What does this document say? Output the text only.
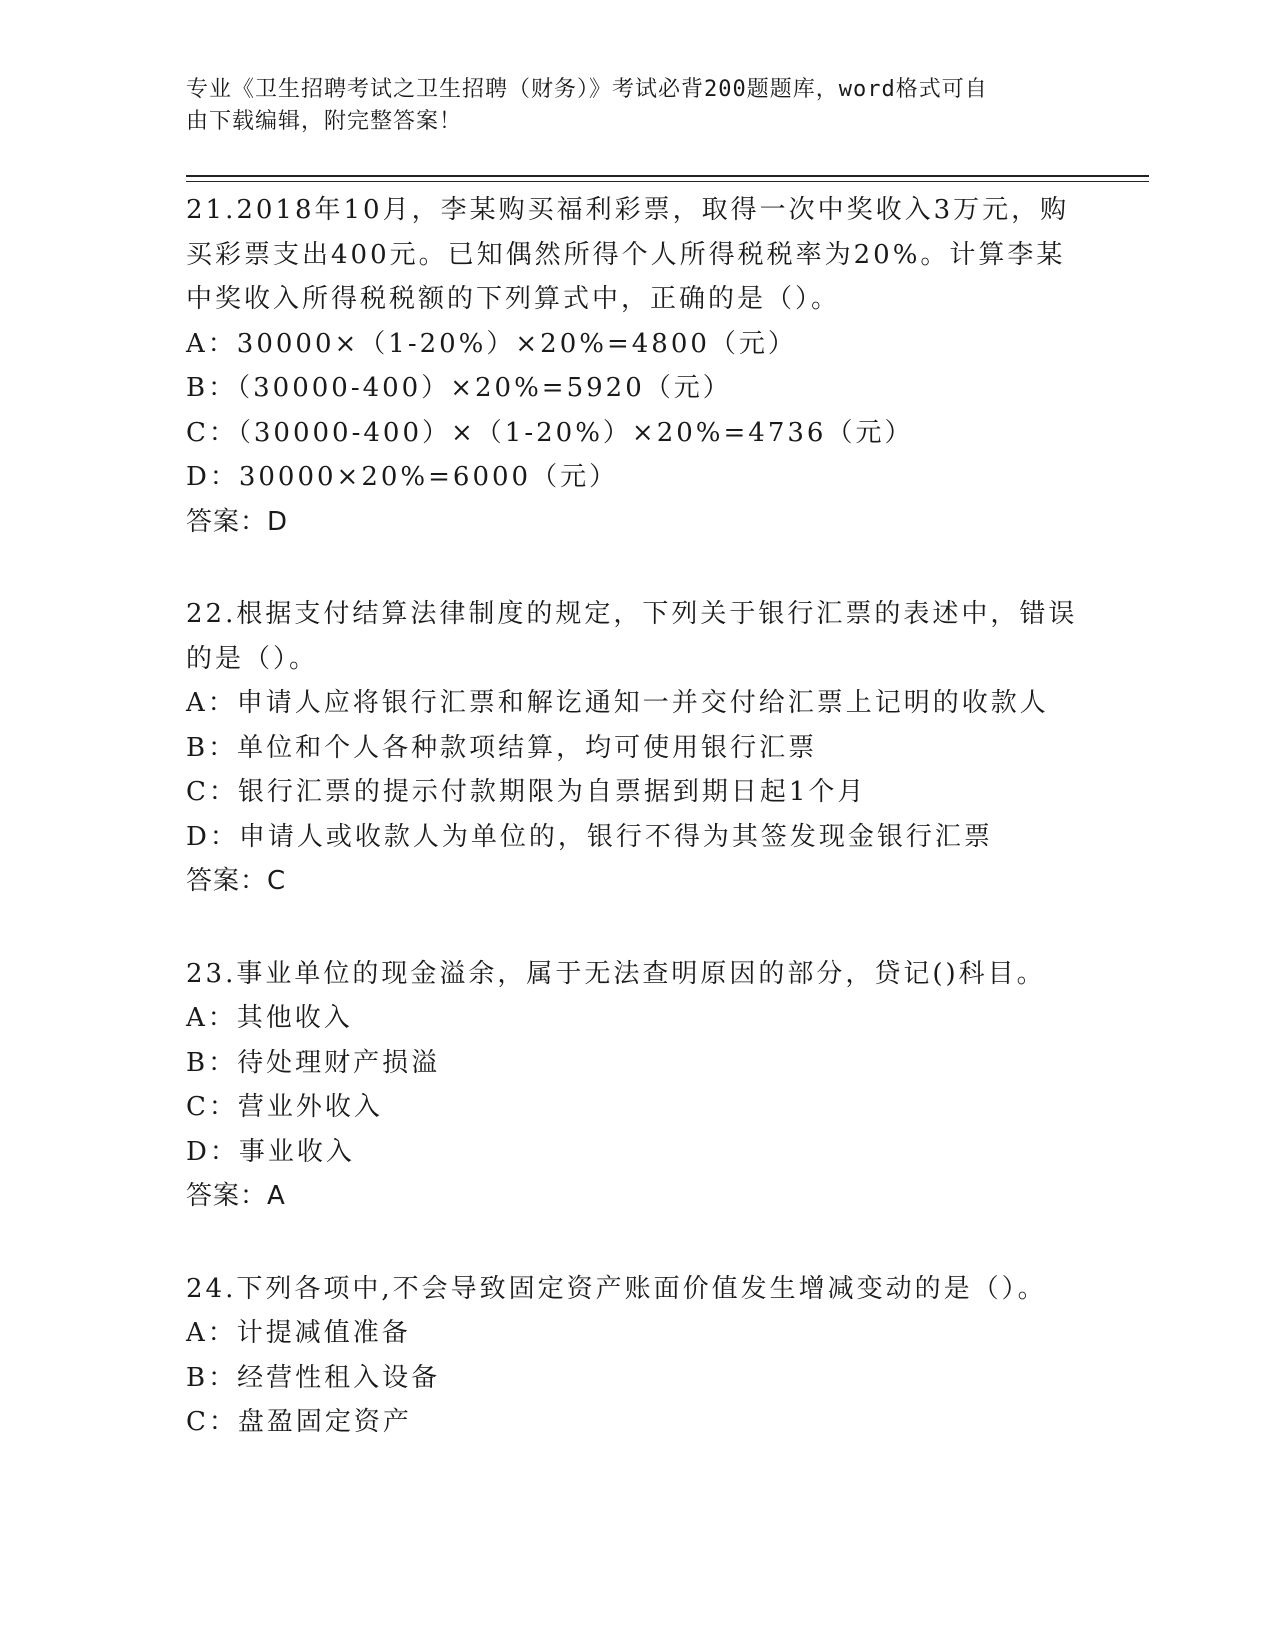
专业《卫生招聘考试之卫生招聘（财务）》考试必背200题题库，word格式可自
由下载编辑，附完整答案！
21.2018年10月，李某购买福利彩票，取得一次中奖收入3万元，购买彩票支出400元。已知偶然所得个人所得税税率为20%。计算李某中奖收入所得税税额的下列算式中，正确的是（）。
A：30000×（1-20%）×20%=4800（元）
B：（30000-400）×20%=5920（元）
C：（30000-400）×（1-20%）×20%=4736（元）
D：30000×20%=6000（元）
答案：D
22.根据支付结算法律制度的规定，下列关于银行汇票的表述中，错误的是（）。
A：申请人应将银行汇票和解讫通知一并交付给汇票上记明的收款人
B：单位和个人各种款项结算，均可使用银行汇票
C：银行汇票的提示付款期限为自票据到期日起1个月
D：申请人或收款人为单位的，银行不得为其签发现金银行汇票
答案：C
23.事业单位的现金溢余，属于无法查明原因的部分，贷记()科目。
A：其他收入
B：待处理财产损溢
C：营业外收入
D：事业收入
答案：A
24.下列各项中,不会导致固定资产账面价值发生增减变动的是（）。
A：计提减值准备
B：经营性租入设备
C：盘盈固定资产
